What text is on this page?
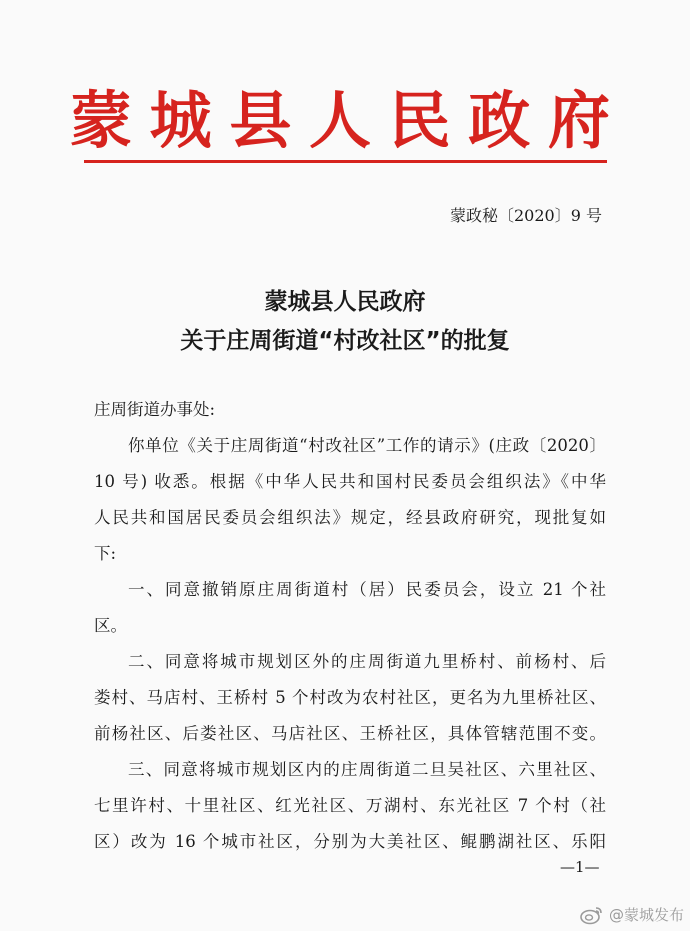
蒙 城 县 人 民 政 府
蒙政秘〔2020〕9 号
蒙城县人民政府
关于庄周街道“村改社区”的批复
庄周街道办事处:
你单位《关于庄周街道“村改社区”工作的请示》(庄政〔2020〕
10 号) 收悉。根据《中华人民共和国村民委员会组织法》《中华
人民共和国居民委员会组织法》规定，经县政府研究，现批复如
下:
一、同意撤销原庄周街道村（居）民委员会，设立 21 个社
区。
二、同意将城市规划区外的庄周街道九里桥村、前杨村、后
娄村、马店村、王桥村 5 个村改为农村社区，更名为九里桥社区、
前杨社区、后娄社区、马店社区、王桥社区，具体管辖范围不变。
三、同意将城市规划区内的庄周街道二旦吴社区、六里社区、
七里许村、十里社区、红光社区、万湖村、东光社区 7 个村（社
区）改为 16 个城市社区，分别为大美社区、鲲鹏湖社区、乐阳
—1—
@蒙城发布
